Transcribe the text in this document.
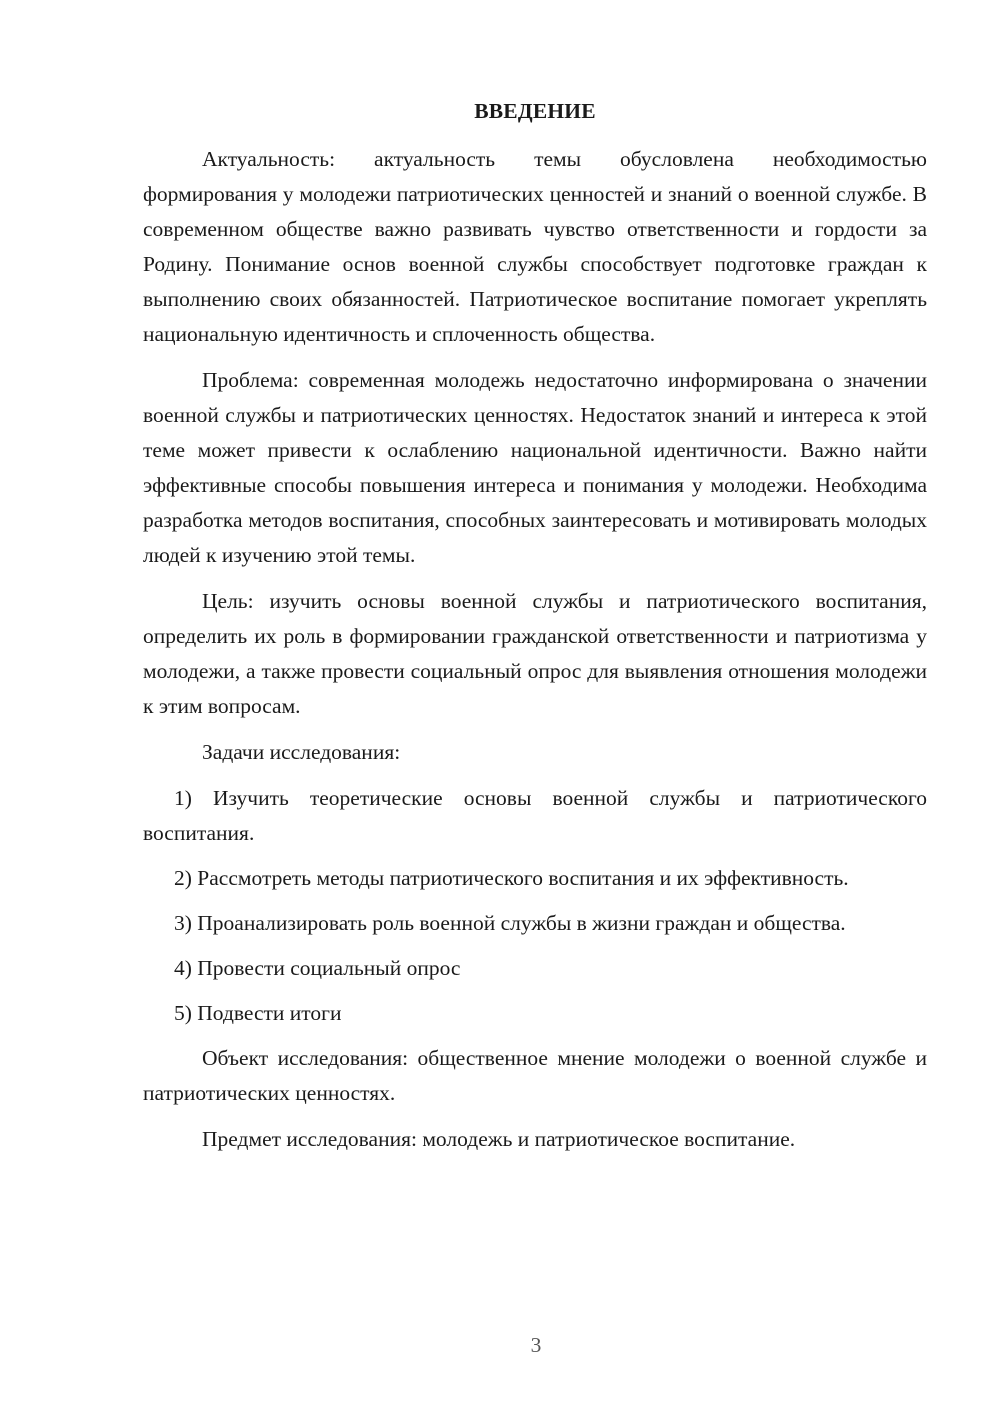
ВВЕДЕНИЕ

Актуальность: актуальность темы обусловлена необходимостью формирования у молодежи патриотических ценностей и знаний о военной службе. В современном обществе важно развивать чувство ответственности и гордости за Родину. Понимание основ военной службы способствует подготовке граждан к выполнению своих обязанностей. Патриотическое воспитание помогает укреплять национальную идентичность и сплоченность общества.

Проблема: современная молодежь недостаточно информирована о значении военной службы и патриотических ценностях. Недостаток знаний и интереса к этой теме может привести к ослаблению национальной идентичности. Важно найти эффективные способы повышения интереса и понимания у молодежи. Необходима разработка методов воспитания, способных заинтересовать и мотивировать молодых людей к изучению этой темы.

Цель: изучить основы военной службы и патриотического воспитания, определить их роль в формировании гражданской ответственности и патриотизма у молодежи, а также провести социальный опрос для выявления отношения молодежи к этим вопросам.

Задачи исследования:

1) Изучить теоретические основы военной службы и патриотического воспитания.

2) Рассмотреть методы патриотического воспитания и их эффективность.

3) Проанализировать роль военной службы в жизни граждан и общества.

4) Провести социальный опрос

5) Подвести итоги

Объект исследования: общественное мнение молодежи о военной службе и патриотических ценностях.

Предмет исследования: молодежь и патриотическое воспитание.

3
